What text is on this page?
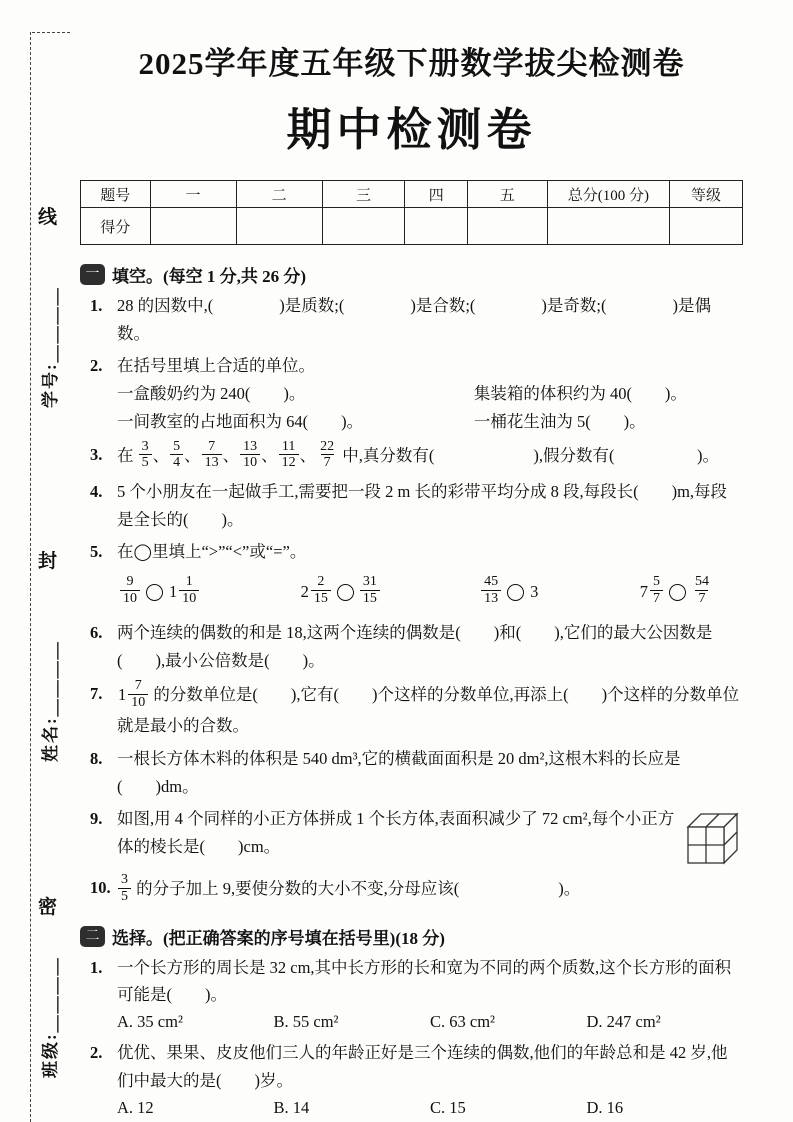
线
学号:＿＿＿＿
封
姓名:＿＿＿＿
密
班级:＿＿＿＿
2025学年度五年级下册数学拔尖检测卷
期中检测卷
题号	一	二	三	四	五	总分(100 分)	等级
得分							
一 填空。(每空 1 分,共 26 分)
1. 28 的因数中,(　　　　)是质数;(　　　　)是合数;(　　　　)是奇数;(　　　　)是偶数。
2. 在括号里填上合适的单位。
一盒酸奶约为 240(　　)。	集装箱的体积约为 40(　　)。
一间教室的占地面积为 64(　　)。	一桶花生油为 5(　　)。
3. 在 $\frac{3}{5}$ 、 $\frac{5}{4}$ 、 $\frac{7}{13}$ 、 $\frac{13}{10}$ 、 $\frac{11}{12}$ 、 $\frac{22}{7}$ 中,真分数有(　　　　　　),假分数有(　　　　　)。
4. 5 个小朋友在一起做手工,需要把一段 2 m 长的彩带平均分成 8 段,每段长(　　)m,每段是全长的(　　)。
5. 在◯里填上“>”“<”或“=”。
$\frac{9}{10} 1 \frac{1}{10}$	$2 \frac{2}{15} \frac{31}{15}$	$\frac{45}{13} 3$	$7 \frac{5}{7} \frac{54}{7}$
6. 两个连续的偶数的和是 18,这两个连续的偶数是(　　)和(　　),它们的最大公因数是(　　),最小公倍数是(　　)。
7. $1 \frac{7}{10}$ 的分数单位是(　　),它有(　　)个这样的分数单位,再添上(　　)个这样的分数单位就是最小的合数。
8. 一根长方体木料的体积是 540 dm³,它的横截面面积是 20 dm²,这根木料的长应是(　　)dm。
9. 如图,用 4 个同样的小正方体拼成 1 个长方体,表面积减少了 72 cm²,每个小正方体的棱长是(　　)cm。
10. $\frac{3}{5}$ 的分子加上 9,要使分数的大小不变,分母应该(　　　　　　)。
二 选择。(把正确答案的序号填在括号里)(18 分)
1. 一个长方形的周长是 32 cm,其中长方形的长和宽为不同的两个质数,这个长方形的面积可能是(　　)。
A. 35 cm²	B. 55 cm²	C. 63 cm²	D. 247 cm²
2. 优优、果果、皮皮他们三人的年龄正好是三个连续的偶数,他们的年龄总和是 42 岁,他们中最大的是(　　)岁。
A. 12	B. 14	C. 15	D. 16
